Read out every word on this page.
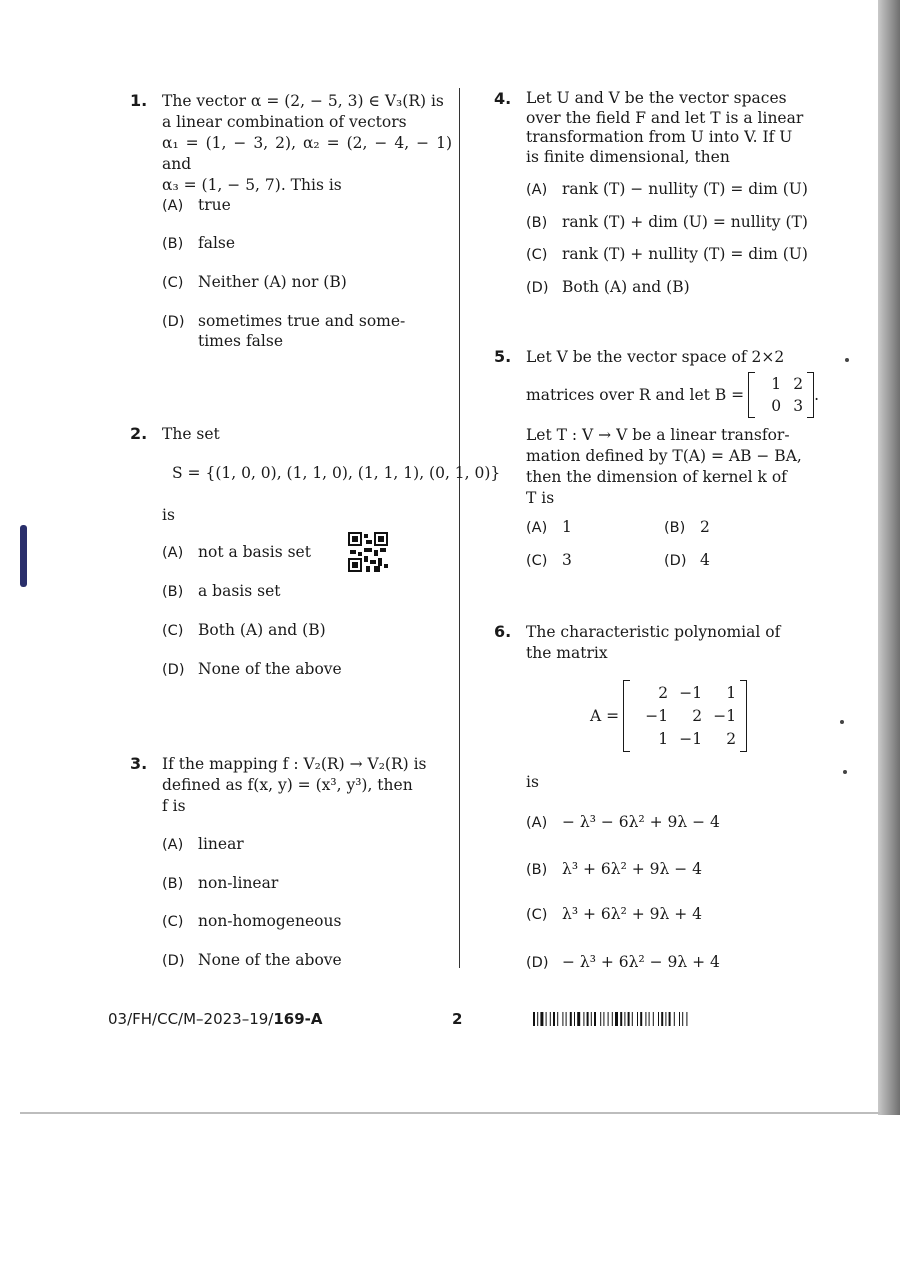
1. The vector α = (2, − 5, 3) ∈ V₃(R) is
a linear combination of vectors
α₁ = (1, − 3, 2), α₂ = (2, − 4, − 1) and
α₃ = (1, − 5, 7). This is
(A) true
(B) false
(C) Neither (A) nor (B)
(D) sometimes true and some-
times false
2. The set
S = {(1, 0, 0), (1, 1, 0), (1, 1, 1), (0, 1, 0)}
is
(A) not a basis set
(B) a basis set
(C) Both (A) and (B)
(D) None of the above
3. If the mapping f : V₂(R) → V₂(R) is
defined as f(x, y) = (x³, y³), then
f is
(A) linear
(B) non-linear
(C) non-homogeneous
(D) None of the above
4. Let U and V be the vector spaces
over the field F and let T is a linear
transformation from U into V. If U
is finite dimensional, then
(A) rank (T) − nullity (T) = dim (U)
(B) rank (T) + dim (U) = nullity (T)
(C) rank (T) + nullity (T) = dim (U)
(D) Both (A) and (B)
5. Let V be the vector space of 2×2
matrices over R and let B =
1 2
0 3
.
Let T : V → V be a linear transfor-
mation defined by T(A) = AB − BA,
then the dimension of kernel k of
T is
(A) 1	(B) 2
(C) 3	(D) 4
6. The characteristic polynomial of
the matrix
A =
2 −1	1
−1	2 −1
1 −1	2
is
(A) − λ³ − 6λ² + 9λ − 4
(B) λ³ + 6λ² + 9λ − 4
(C) λ³ + 6λ² + 9λ + 4
(D) − λ³ + 6λ² − 9λ + 4
03/FH/CC/M–2023–19/169-A	2
